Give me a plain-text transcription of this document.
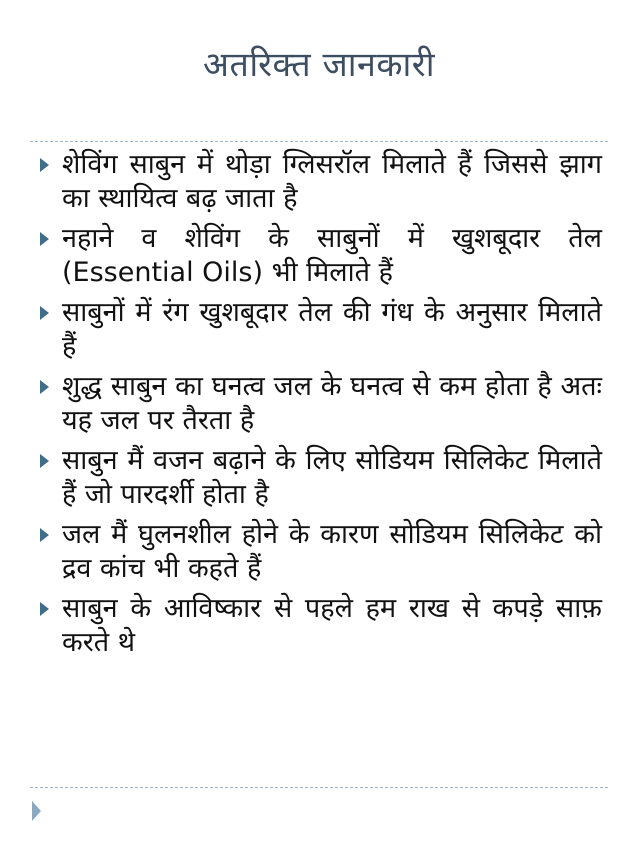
अतरिक्त जानकारी
शेविंग साबुन में थोड़ा ग्लिसरॉल मिलाते हैं जिससे झाग का स्थायित्व बढ़ जाता है
नहाने व शेविंग के साबुनों में खुशबूदार तेल (Essential Oils) भी मिलाते हैं
साबुनों में रंग खुशबूदार तेल की गंध के अनुसार मिलाते हैं
शुद्ध साबुन का घनत्व जल के घनत्व से कम होता है अतः यह जल पर तैरता है
साबुन मैं वजन बढ़ाने के लिए सोडियम सिलिकेट मिलाते हैं जो पारदर्शी होता है
जल मैं घुलनशील होने के कारण सोडियम सिलिकेट को द्रव कांच भी कहते हैं
साबुन के आविष्कार से पहले हम राख से कपड़े साफ़ करते थे
